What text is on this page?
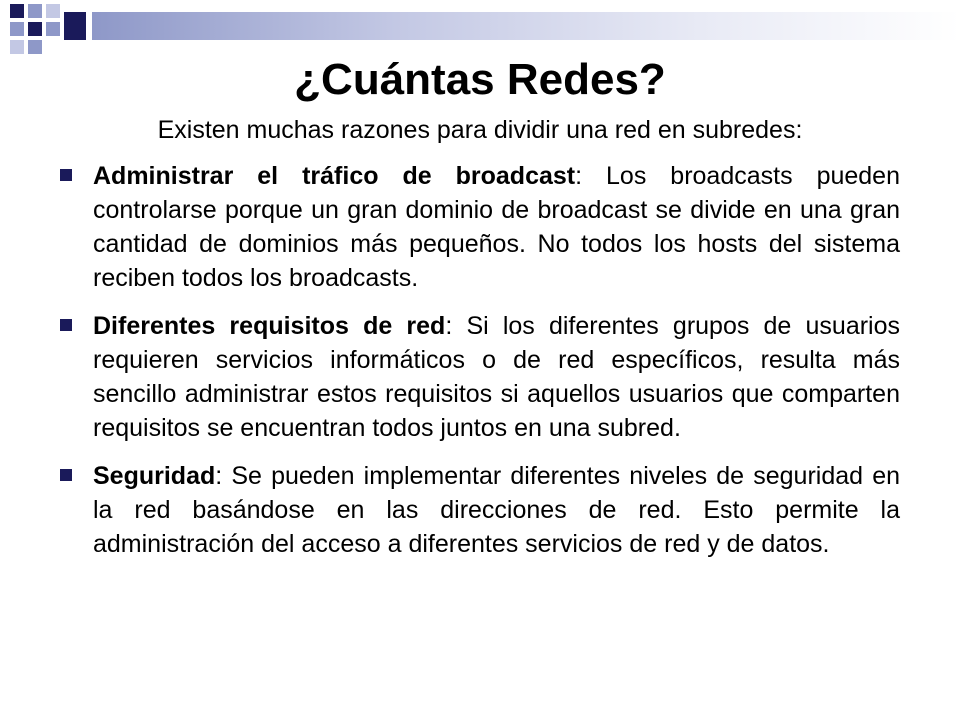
¿Cuántas Redes?
Existen muchas razones para dividir una red en subredes:
Administrar el tráfico de broadcast: Los broadcasts pueden controlarse porque un gran dominio de broadcast se divide en una gran cantidad de dominios más pequeños. No todos los hosts del sistema reciben todos los broadcasts.
Diferentes requisitos de red: Si los diferentes grupos de usuarios requieren servicios informáticos o de red específicos, resulta más sencillo administrar estos requisitos si aquellos usuarios que comparten requisitos se encuentran todos juntos en una subred.
Seguridad: Se pueden implementar diferentes niveles de seguridad en la red basándose en las direcciones de red. Esto permite la administración del acceso a diferentes servicios de red y de datos.
